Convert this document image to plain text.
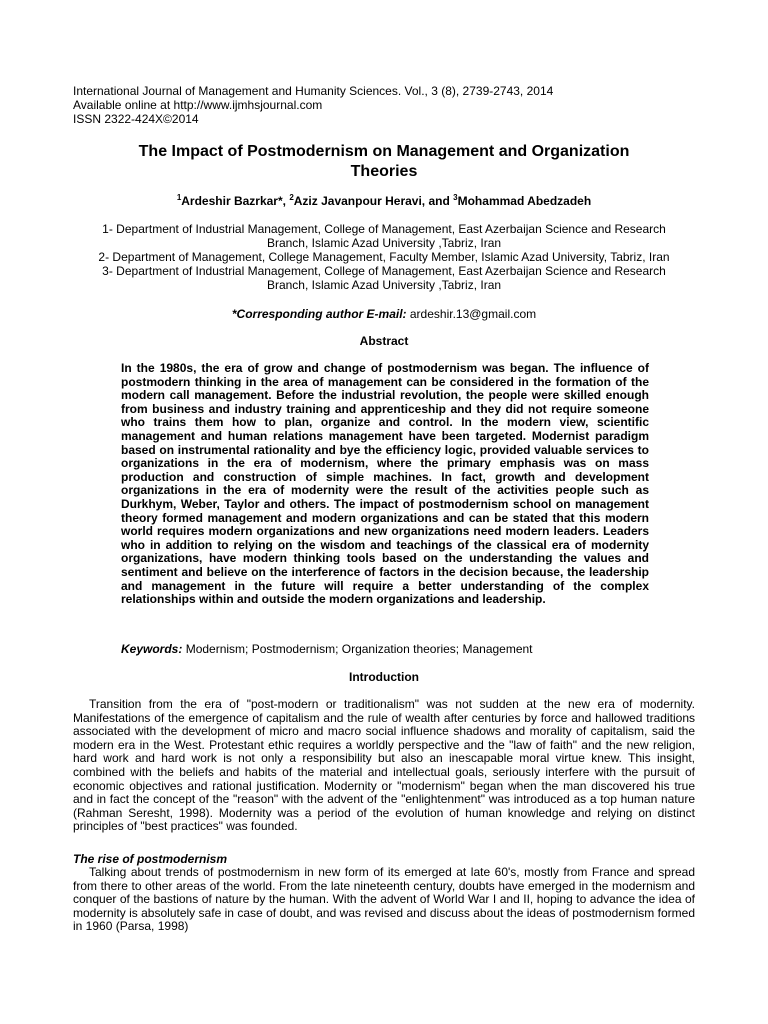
International Journal of Management and Humanity Sciences. Vol., 3 (8), 2739-2743, 2014
Available online at http://www.ijmhsjournal.com
ISSN 2322-424X©2014
The Impact of Postmodernism on Management and Organization
Theories
$^1$Ardeshir Bazrkar*, $^2$Aziz Javanpour Heravi, and $^3$Mohammad Abedzadeh
1- Department of Industrial Management, College of Management, East Azerbaijan Science and Research
Branch, Islamic Azad University ,Tabriz, Iran
2- Department of Management, College Management, Faculty Member, Islamic Azad University, Tabriz, Iran
3- Department of Industrial Management, College of Management, East Azerbaijan Science and Research
Branch, Islamic Azad University ,Tabriz, Iran
*Corresponding author E-mail: ardeshir.13@gmail.com
Abstract
In the 1980s, the era of grow and change of postmodernism was began. The influence of postmodern thinking in the area of management can be considered in the formation of the modern call management. Before the industrial revolution, the people were skilled enough from business and industry training and apprenticeship and they did not require someone who trains them how to plan, organize and control. In the modern view, scientific management and human relations management have been targeted. Modernist paradigm based on instrumental rationality and bye the efficiency logic, provided valuable services to organizations in the era of modernism, where the primary emphasis was on mass production and construction of simple machines. In fact, growth and development organizations in the era of modernity were the result of the activities people such as Durkhym, Weber, Taylor and others. The impact of postmodernism school on management theory formed management and modern organizations and can be stated that this modern world requires modern organizations and new organizations need modern leaders. Leaders who in addition to relying on the wisdom and teachings of the classical era of modernity organizations, have modern thinking tools based on the understanding the values and sentiment and believe on the interference of factors in the decision because, the leadership and management in the future will require a better understanding of the complex relationships within and outside the modern organizations and leadership.
Keywords: Modernism; Postmodernism; Organization theories; Management
Introduction
Transition from the era of "post-modern or traditionalism" was not sudden at the new era of modernity. Manifestations of the emergence of capitalism and the rule of wealth after centuries by force and hallowed traditions associated with the development of micro and macro social influence shadows and morality of capitalism, said the modern era in the West. Protestant ethic requires a worldly perspective and the "law of faith" and the new religion, hard work and hard work is not only a responsibility but also an inescapable moral virtue knew. This insight, combined with the beliefs and habits of the material and intellectual goals, seriously interfere with the pursuit of economic objectives and rational justification. Modernity or "modernism" began when the man discovered his true and in fact the concept of the "reason" with the advent of the "enlightenment" was introduced as a top human nature (Rahman Seresht, 1998). Modernity was a period of the evolution of human knowledge and relying on distinct principles of "best practices" was founded.
The rise of postmodernism
Talking about trends of postmodernism in new form of its emerged at late 60's, mostly from France and spread from there to other areas of the world. From the late nineteenth century, doubts have emerged in the modernism and conquer of the bastions of nature by the human. With the advent of World War I and II, hoping to advance the idea of modernity is absolutely safe in case of doubt, and was revised and discuss about the ideas of postmodernism formed in 1960 (Parsa, 1998)
